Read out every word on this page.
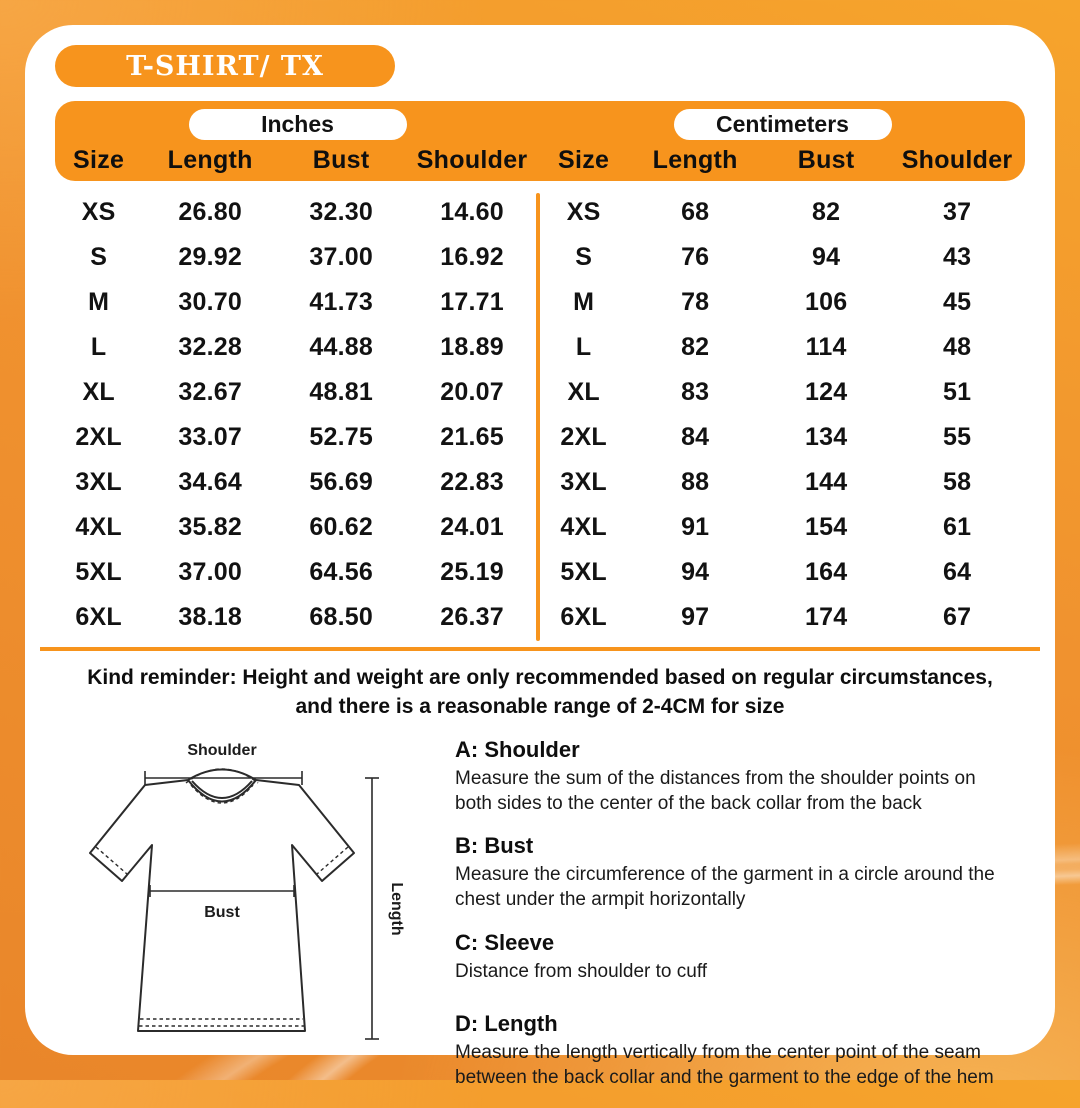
T-SHIRT/ TX
Inches
Size	Length	Bust	Shoulder
Centimeters
Size	Length	Bust	Shoulder
XS	26.80	32.30	14.60
S	29.92	37.00	16.92
M	30.70	41.73	17.71
L	32.28	44.88	18.89
XL	32.67	48.81	20.07
2XL	33.07	52.75	21.65
3XL	34.64	56.69	22.83
4XL	35.82	60.62	24.01
5XL	37.00	64.56	25.19
6XL	38.18	68.50	26.37
XS	68	82	37
S	76	94	43
M	78	106	45
L	82	114	48
XL	83	124	51
2XL	84	134	55
3XL	88	144	58
4XL	91	154	61
5XL	94	164	64
6XL	97	174	67
Kind reminder: Height and weight are only recommended based on regular circumstances,
and there is a reasonable range of 2-4CM for size
Shoulder
Bust	Length
A: Shoulder
Measure the sum of the distances from the shoulder points on both sides to the center of the back collar from the back
B: Bust
Measure the circumference of the garment in a circle around the chest under the armpit horizontally
C: Sleeve
Distance from shoulder to cuff
D: Length
Measure the length vertically from the center point of the seam between the back collar and the garment to the edge of the hem
